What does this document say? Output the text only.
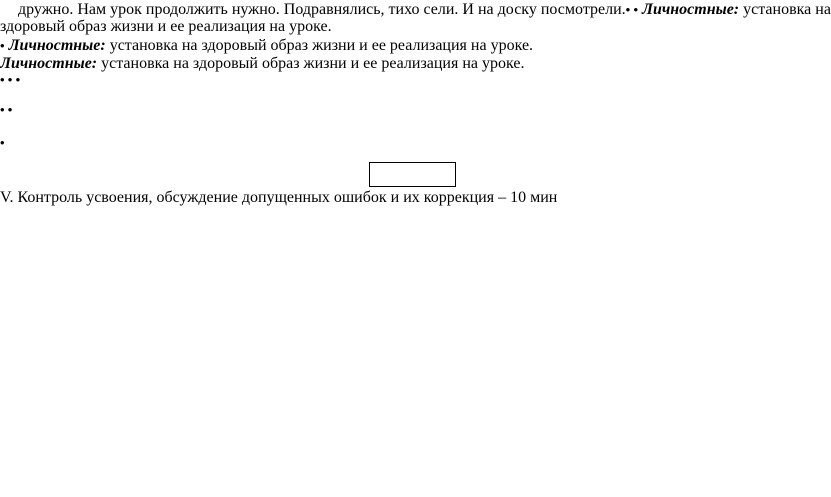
дружно. Нам урок продолжить нужно. Подравнялись, тихо сели. И на доску посмотрели.• • Личностные: установка на
здоровый образ жизни и ее реализация на уроке.
• Личностные: установка на здоровый образ жизни и ее реализация на уроке.
Личностные: установка на здоровый образ жизни и ее реализация на уроке.
• • •
• •
•
V. Контроль усвоения, обсуждение допущенных ошибок и их коррекция – 10 мин
